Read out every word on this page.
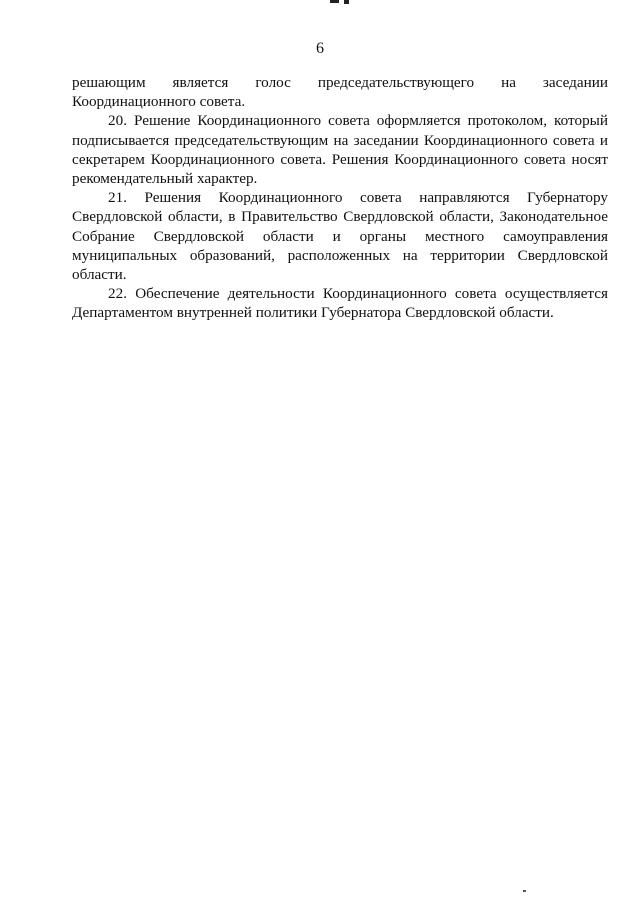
6

решающим является голос председательствующего на заседании Координационного совета.

20. Решение Координационного совета оформляется протоколом, который подписывается председательствующим на заседании Координационного совета и секретарем Координационного совета. Решения Координационного совета носят рекомендательный характер.

21. Решения Координационного совета направляются Губернатору Свердловской области, в Правительство Свердловской области, Законодательное Собрание Свердловской области и органы местного самоуправления муниципальных образований, расположенных на территории Свердловской области.

22. Обеспечение деятельности Координационного совета осуществляется Департаментом внутренней политики Губернатора Свердловской области.
